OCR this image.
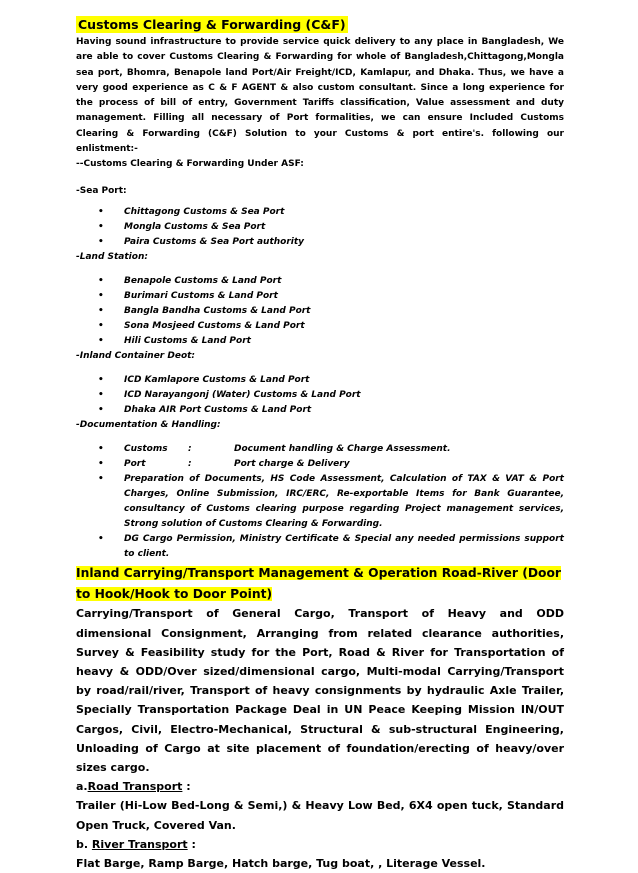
Customs Clearing & Forwarding (C&F)

Having sound infrastructure to provide service quick delivery to any place in Bangladesh, We are able to cover Customs Clearing & Forwarding for whole of Bangladesh,Chittagong,Mongla sea port, Bhomra, Benapole land Port/Air Freight/ICD, Kamlapur, and Dhaka. Thus, we have a very good experience as C & F AGENT & also custom consultant. Since a long experience for the process of bill of entry, Government Tariffs classification, Value assessment and duty management. Filling all necessary of Port formalities, we can ensure Included Customs Clearing & Forwarding (C&F) Solution to your Customs & port entire's. following our enlistment:-

--Customs Clearing & Forwarding Under ASF:

-Sea Port:

• Chittagong Customs & Sea Port
• Mongla Customs & Sea Port
• Paira Customs & Sea Port authority

-Land Station:

• Benapole Customs & Land Port
• Burimari Customs & Land Port
• Bangla Bandha Customs & Land Port
• Sona Mosjeed Customs & Land Port
• Hili Customs & Land Port

-Inland Container Deot:

• ICD Kamlapore Customs & Land Port
• ICD Narayangonj (Water) Customs & Land Port
• Dhaka AIR Port Customs & Land Port

-Documentation & Handling:

• Customs	:	Document handling & Charge Assessment.
• Port	:	Port charge & Delivery
• Preparation of Documents, HS Code Assessment, Calculation of TAX & VAT & Port Charges, Online Submission, IRC/ERC, Re-exportable Items for Bank Guarantee, consultancy of Customs clearing purpose regarding Project management services, Strong solution of Customs Clearing & Forwarding.
• DG Cargo Permission, Ministry Certificate & Special any needed permissions support to client.
Inland Carrying/Transport Management & Operation Road-River (Door to Hook/Hook to Door Point)

Carrying/Transport of General Cargo, Transport of Heavy and ODD dimensional Consignment, Arranging from related clearance authorities, Survey & Feasibility study for the Port, Road & River for Transportation of heavy & ODD/Over sized/dimensional cargo, Multi-modal Carrying/Transport by road/rail/river, Transport of heavy consignments by hydraulic Axle Trailer, Specially Transportation Package Deal in UN Peace Keeping Mission IN/OUT Cargos, Civil, Electro-Mechanical, Structural & sub-structural Engineering, Unloading of Cargo at site placement of foundation/erecting of heavy/over sizes cargo.

a.Road Transport :

Trailer (Hi-Low Bed-Long & Semi,) & Heavy Low Bed, 6X4 open tuck, Standard Open Truck, Covered Van.

b. River Transport :

Flat Barge, Ramp Barge, Hatch barge, Tug boat, , Literage Vessel.
